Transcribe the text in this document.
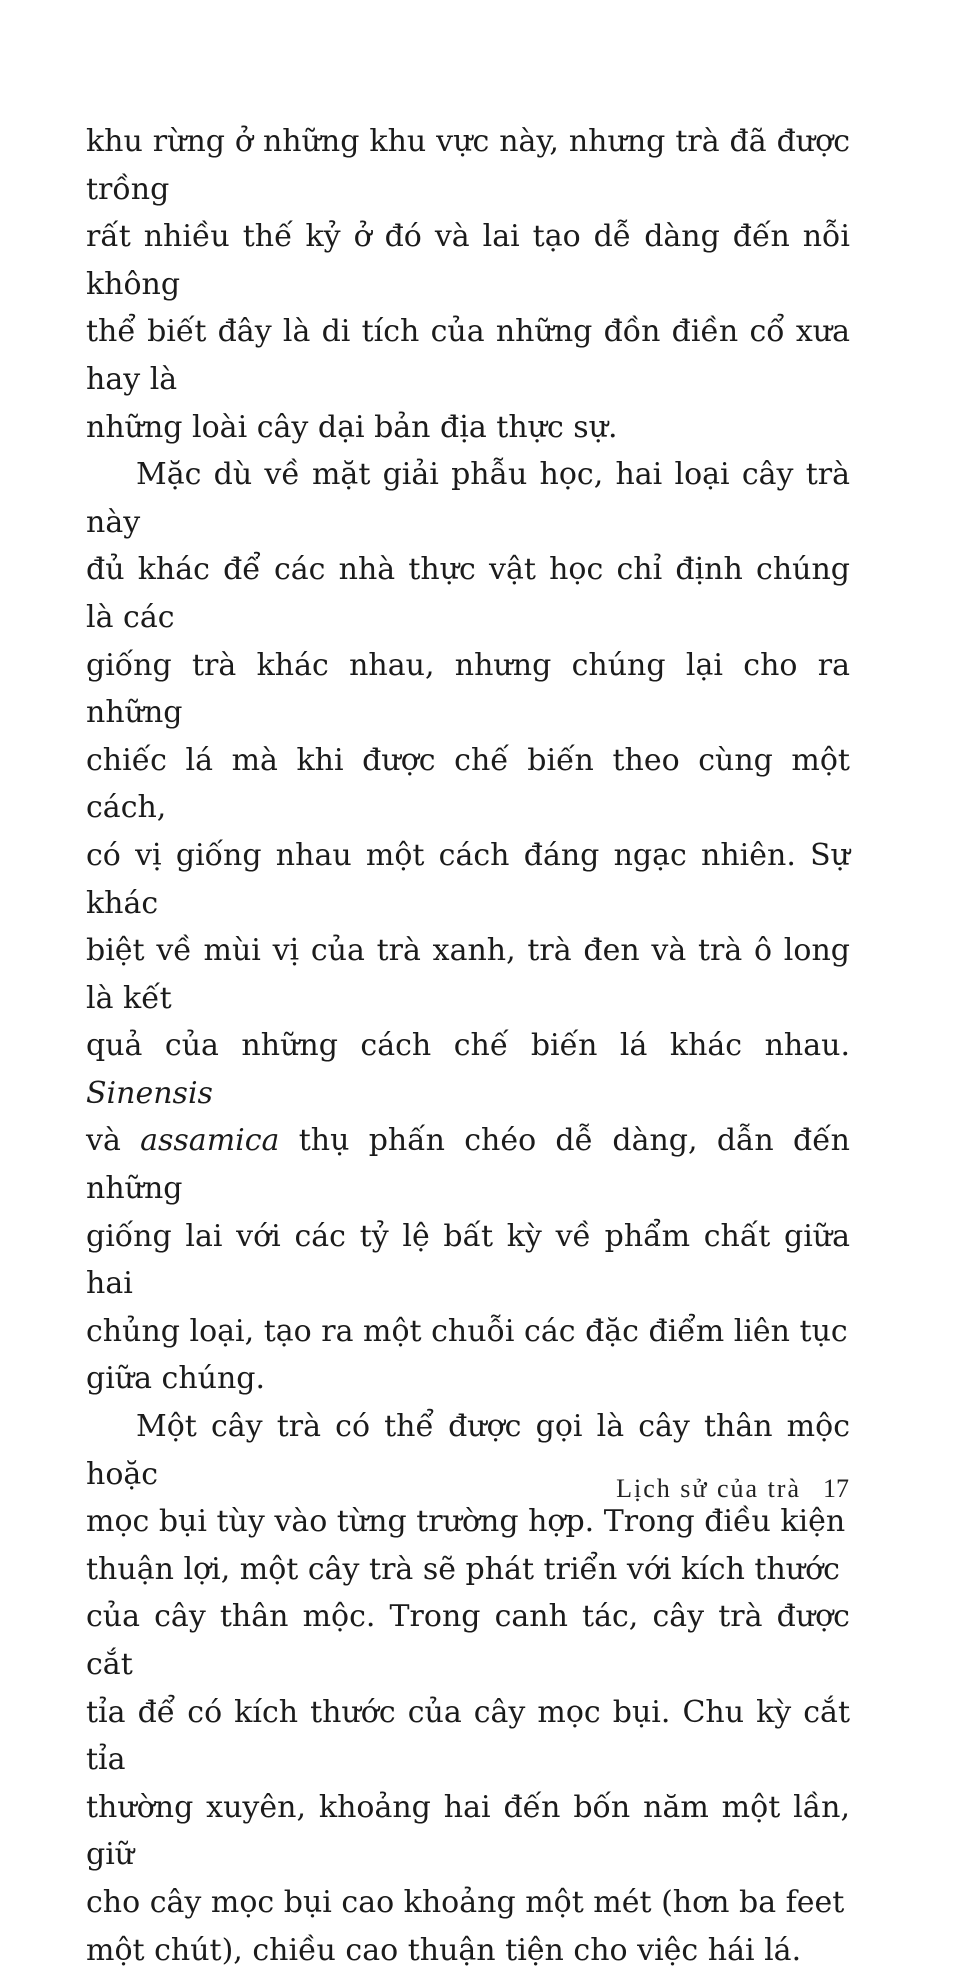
khu rừng ở những khu vực này, nhưng trà đã được trồng
rất nhiều thế kỷ ở đó và lai tạo dễ dàng đến nỗi không
thể biết đây là di tích của những đồn điền cổ xưa hay là
những loài cây dại bản địa thực sự.

Mặc dù về mặt giải phẫu học, hai loại cây trà này
đủ khác để các nhà thực vật học chỉ định chúng là các
giống trà khác nhau, nhưng chúng lại cho ra những
chiếc lá mà khi được chế biến theo cùng một cách,
có vị giống nhau một cách đáng ngạc nhiên. Sự khác
biệt về mùi vị của trà xanh, trà đen và trà ô long là kết
quả của những cách chế biến lá khác nhau. Sinensis
và assamica thụ phấn chéo dễ dàng, dẫn đến những
giống lai với các tỷ lệ bất kỳ về phẩm chất giữa hai
chủng loại, tạo ra một chuỗi các đặc điểm liên tục
giữa chúng.

Một cây trà có thể được gọi là cây thân mộc hoặc
mọc bụi tùy vào từng trường hợp. Trong điều kiện
thuận lợi, một cây trà sẽ phát triển với kích thước
của cây thân mộc. Trong canh tác, cây trà được cắt
tỉa để có kích thước của cây mọc bụi. Chu kỳ cắt tỉa
thường xuyên, khoảng hai đến bốn năm một lần, giữ
cho cây mọc bụi cao khoảng một mét (hơn ba feet
một chút), chiều cao thuận tiện cho việc hái lá.

Lịch sử của trà 17
